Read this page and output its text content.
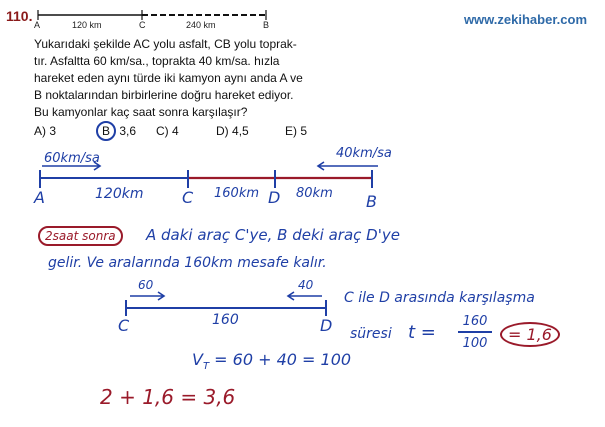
110.	www.zekihaber.com
A	120 km	C	240 km	B
Yukarıdaki şekilde AC yolu asfalt, CB yolu toprak-
tır. Asfaltta 60 km/sa., toprakta 40 km/sa. hızla
hareket eden aynı türde iki kamyon aynı anda A ve
B noktalarından birbirlerine doğru hareket ediyor.
Bu kamyonlar kaç saat sonra karşılaşır?
A) 3	B 3,6 C) 4	D) 4,5	E) 5
60km/sa	40km/sa
A	120km C 160km D 80km B
2saat sonra	A daki araç C'ye, B deki araç D'ye
gelir. Ve aralarında 160km mesafe kalır.
60	40
C	160	D
C ile D arasında karşılaşma
süresi t =
160
100	= 1,6
$V_T = 60 + 40 = 100$
2 + 1,6 = 3,6
